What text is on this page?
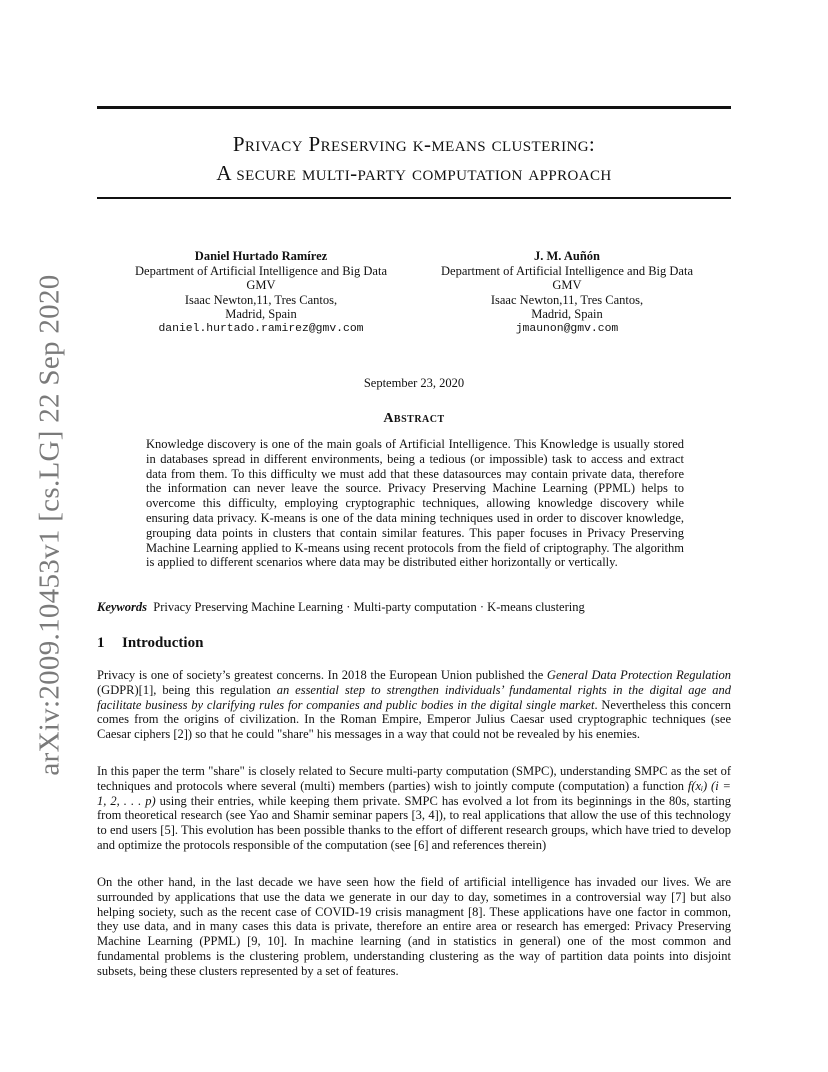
arXiv:2009.10453v1 [cs.LG] 22 Sep 2020
Privacy Preserving k-means clustering:
A secure multi-party computation approach
Daniel Hurtado Ramírez
Department of Artificial Intelligence and Big Data
GMV
Isaac Newton,11, Tres Cantos,
Madrid, Spain
daniel.hurtado.ramirez@gmv.com
J. M. Auñón
Department of Artificial Intelligence and Big Data
GMV
Isaac Newton,11, Tres Cantos,
Madrid, Spain
jmaunon@gmv.com
September 23, 2020
Abstract

Knowledge discovery is one of the main goals of Artificial Intelligence. This Knowledge is usually stored in databases spread in different environments, being a tedious (or impossible) task to access and extract data from them. To this difficulty we must add that these datasources may contain private data, therefore the information can never leave the source. Privacy Preserving Machine Learning (PPML) helps to overcome this difficulty, employing cryptographic techniques, allowing knowledge discovery while ensuring data privacy. K-means is one of the data mining techniques used in order to discover knowledge, grouping data points in clusters that contain similar features. This paper focuses in Privacy Preserving Machine Learning applied to K-means using recent protocols from the field of criptography. The algorithm is applied to different scenarios where data may be distributed either horizontally or vertically.

Keywords Privacy Preserving Machine Learning · Multi-party computation · K-means clustering

1 Introduction

Privacy is one of society’s greatest concerns. In 2018 the European Union published the General Data Protection Regulation (GDPR)[1], being this regulation an essential step to strengthen individuals’ fundamental rights in the digital age and facilitate business by clarifying rules for companies and public bodies in the digital single market. Nevertheless this concern comes from the origins of civilization. In the Roman Empire, Emperor Julius Caesar used cryptographic techniques (see Caesar ciphers [2]) so that he could "share" his messages in a way that could not be revealed by his enemies.

In this paper the term "share" is closely related to Secure multi-party computation (SMPC), understanding SMPC as the set of techniques and protocols where several (multi) members (parties) wish to jointly compute (computation) a function f(xᵢ) (i = 1, 2, . . . p) using their entries, while keeping them private. SMPC has evolved a lot from its beginnings in the 80s, starting from theoretical research (see Yao and Shamir seminar papers [3, 4]), to real applications that allow the use of this technology to end users [5]. This evolution has been possible thanks to the effort of different research groups, which have tried to develop and optimize the protocols responsible of the computation (see [6] and references therein)

On the other hand, in the last decade we have seen how the field of artificial intelligence has invaded our lives. We are surrounded by applications that use the data we generate in our day to day, sometimes in a controversial way [7] but also helping society, such as the recent case of COVID-19 crisis managment [8]. These applications have one factor in common, they use data, and in many cases this data is private, therefore an entire area or research has emerged: Privacy Preserving Machine Learning (PPML) [9, 10]. In machine learning (and in statistics in general) one of the most common and fundamental problems is the clustering problem, understanding clustering as the way of partition data points into disjoint subsets, being these clusters represented by a set of features.
